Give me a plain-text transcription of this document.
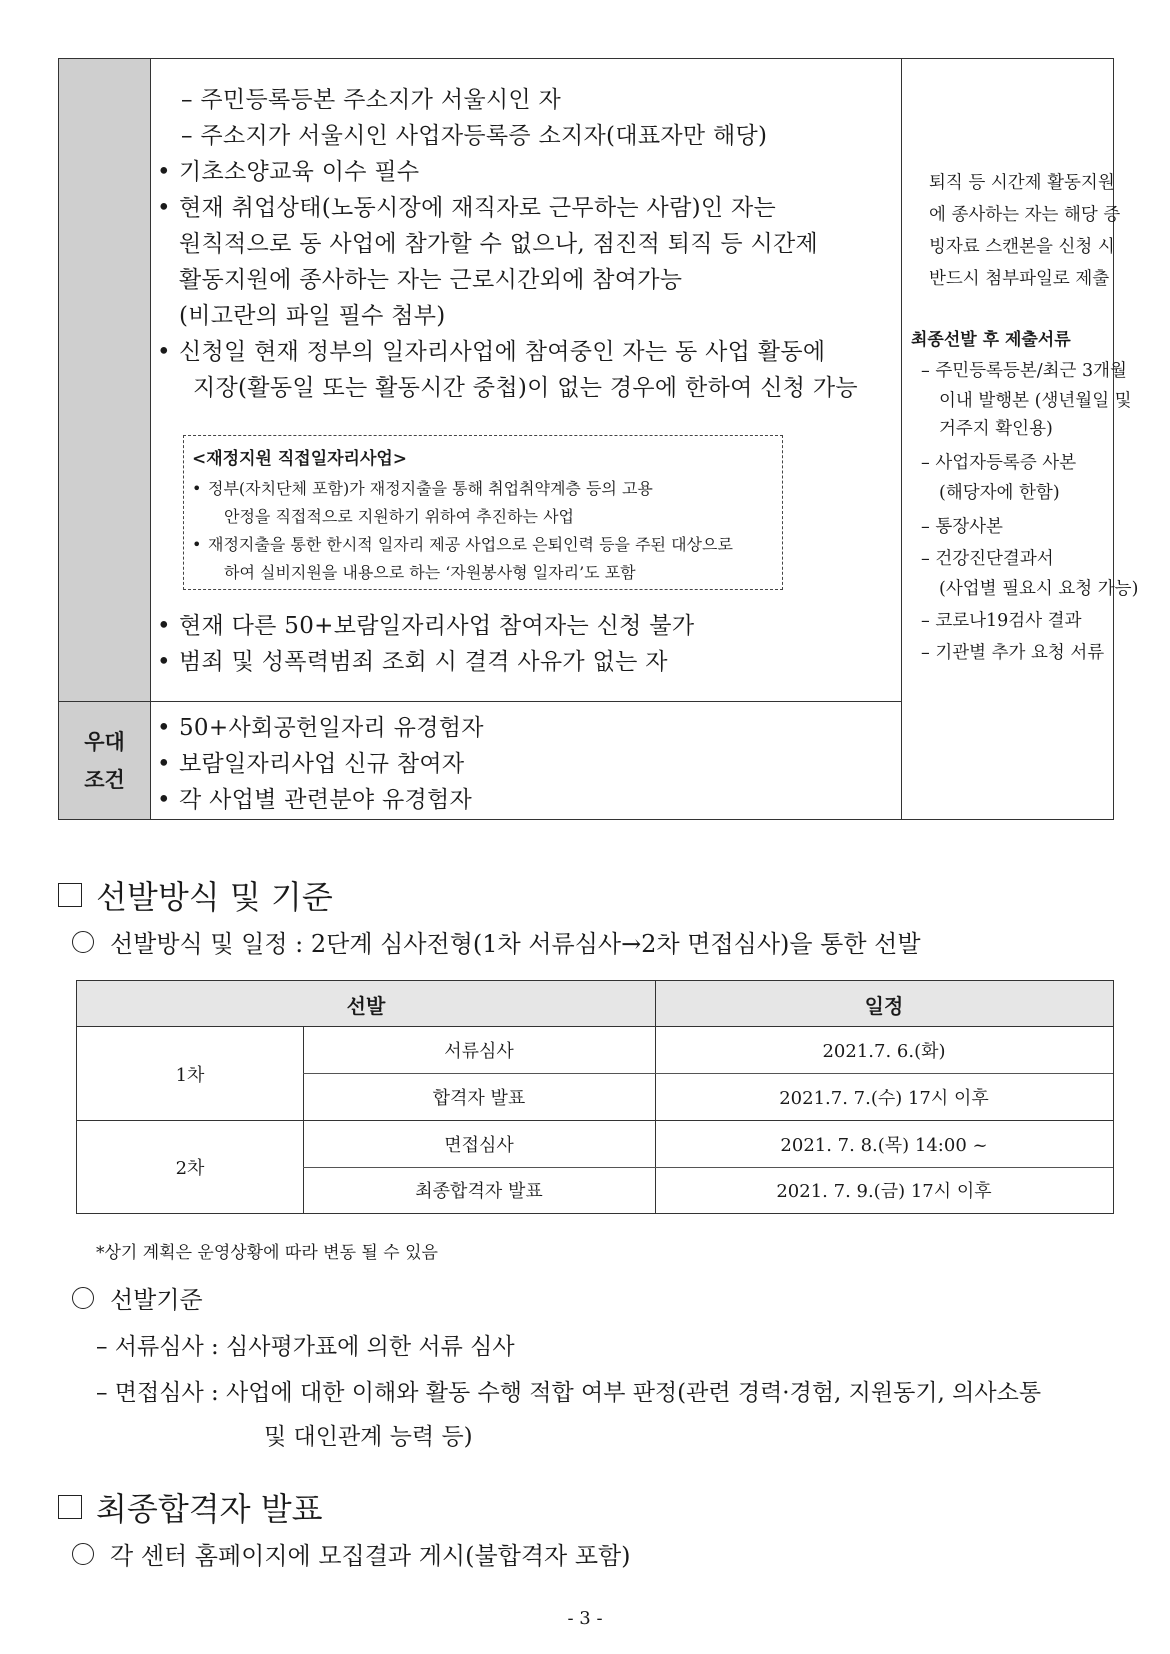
우대
조건
– 주민등록등본 주소지가 서울시인 자
– 주소지가 서울시인 사업자등록증 소지자(대표자만 해당)
• 기초소양교육 이수 필수
• 현재 취업상태(노동시장에 재직자로 근무하는 사람)인 자는
원칙적으로 동 사업에 참가할 수 없으나, 점진적 퇴직 등 시간제
활동지원에 종사하는 자는 근로시간외에 참여가능
(비고란의 파일 필수 첨부)
• 신청일 현재 정부의 일자리사업에 참여중인 자는 동 사업 활동에
지장(활동일 또는 활동시간 중첩)이 없는 경우에 한하여 신청 가능
<재정지원 직접일자리사업>
• 정부(자치단체 포함)가 재정지출을 통해 취업취약계층 등의 고용
안정을 직접적으로 지원하기 위하여 추진하는 사업
• 재정지출을 통한 한시적 일자리 제공 사업으로 은퇴인력 등을 주된 대상으로
하여 실비지원을 내용으로 하는 ‘자원봉사형 일자리’도 포함
• 현재 다른 50+보람일자리사업 참여자는 신청 불가
• 범죄 및 성폭력범죄 조회 시 결격 사유가 없는 자
• 50+사회공헌일자리 유경험자
• 보람일자리사업 신규 참여자
• 각 사업별 관련분야 유경험자
퇴직 등 시간제 활동지원
에 종사하는 자는 해당 증
빙자료 스캔본을 신청 시
반드시 첨부파일로 제출
최종선발 후 제출서류
– 주민등록등본/최근 3개월
이내 발행본 (생년월일 및
거주지 확인용)
– 사업자등록증 사본
(해당자에 한함)
– 통장사본
– 건강진단결과서
(사업별 필요시 요청 가능)
– 코로나19검사 결과
– 기관별 추가 요청 서류
선발방식 및 기준
선발방식 및 일정 : 2단계 심사전형(1차 서류심사→2차 면접심사)을 통한 선발
선발	일정
1차
2차
서류심사
합격자 발표
면접심사
최종합격자 발표
2021.7. 6.(화)
2021.7. 7.(수) 17시 이후
2021. 7. 8.(목) 14:00 ~
2021. 7. 9.(금) 17시 이후
*상기 계획은 운영상황에 따라 변동 될 수 있음
선발기준
– 서류심사 : 심사평가표에 의한 서류 심사
– 면접심사 : 사업에 대한 이해와 활동 수행 적합 여부 판정(관련 경력·경험, 지원동기, 의사소통
및 대인관계 능력 등)
최종합격자 발표
각 센터 홈페이지에 모집결과 게시(불합격자 포함)
- 3 -
